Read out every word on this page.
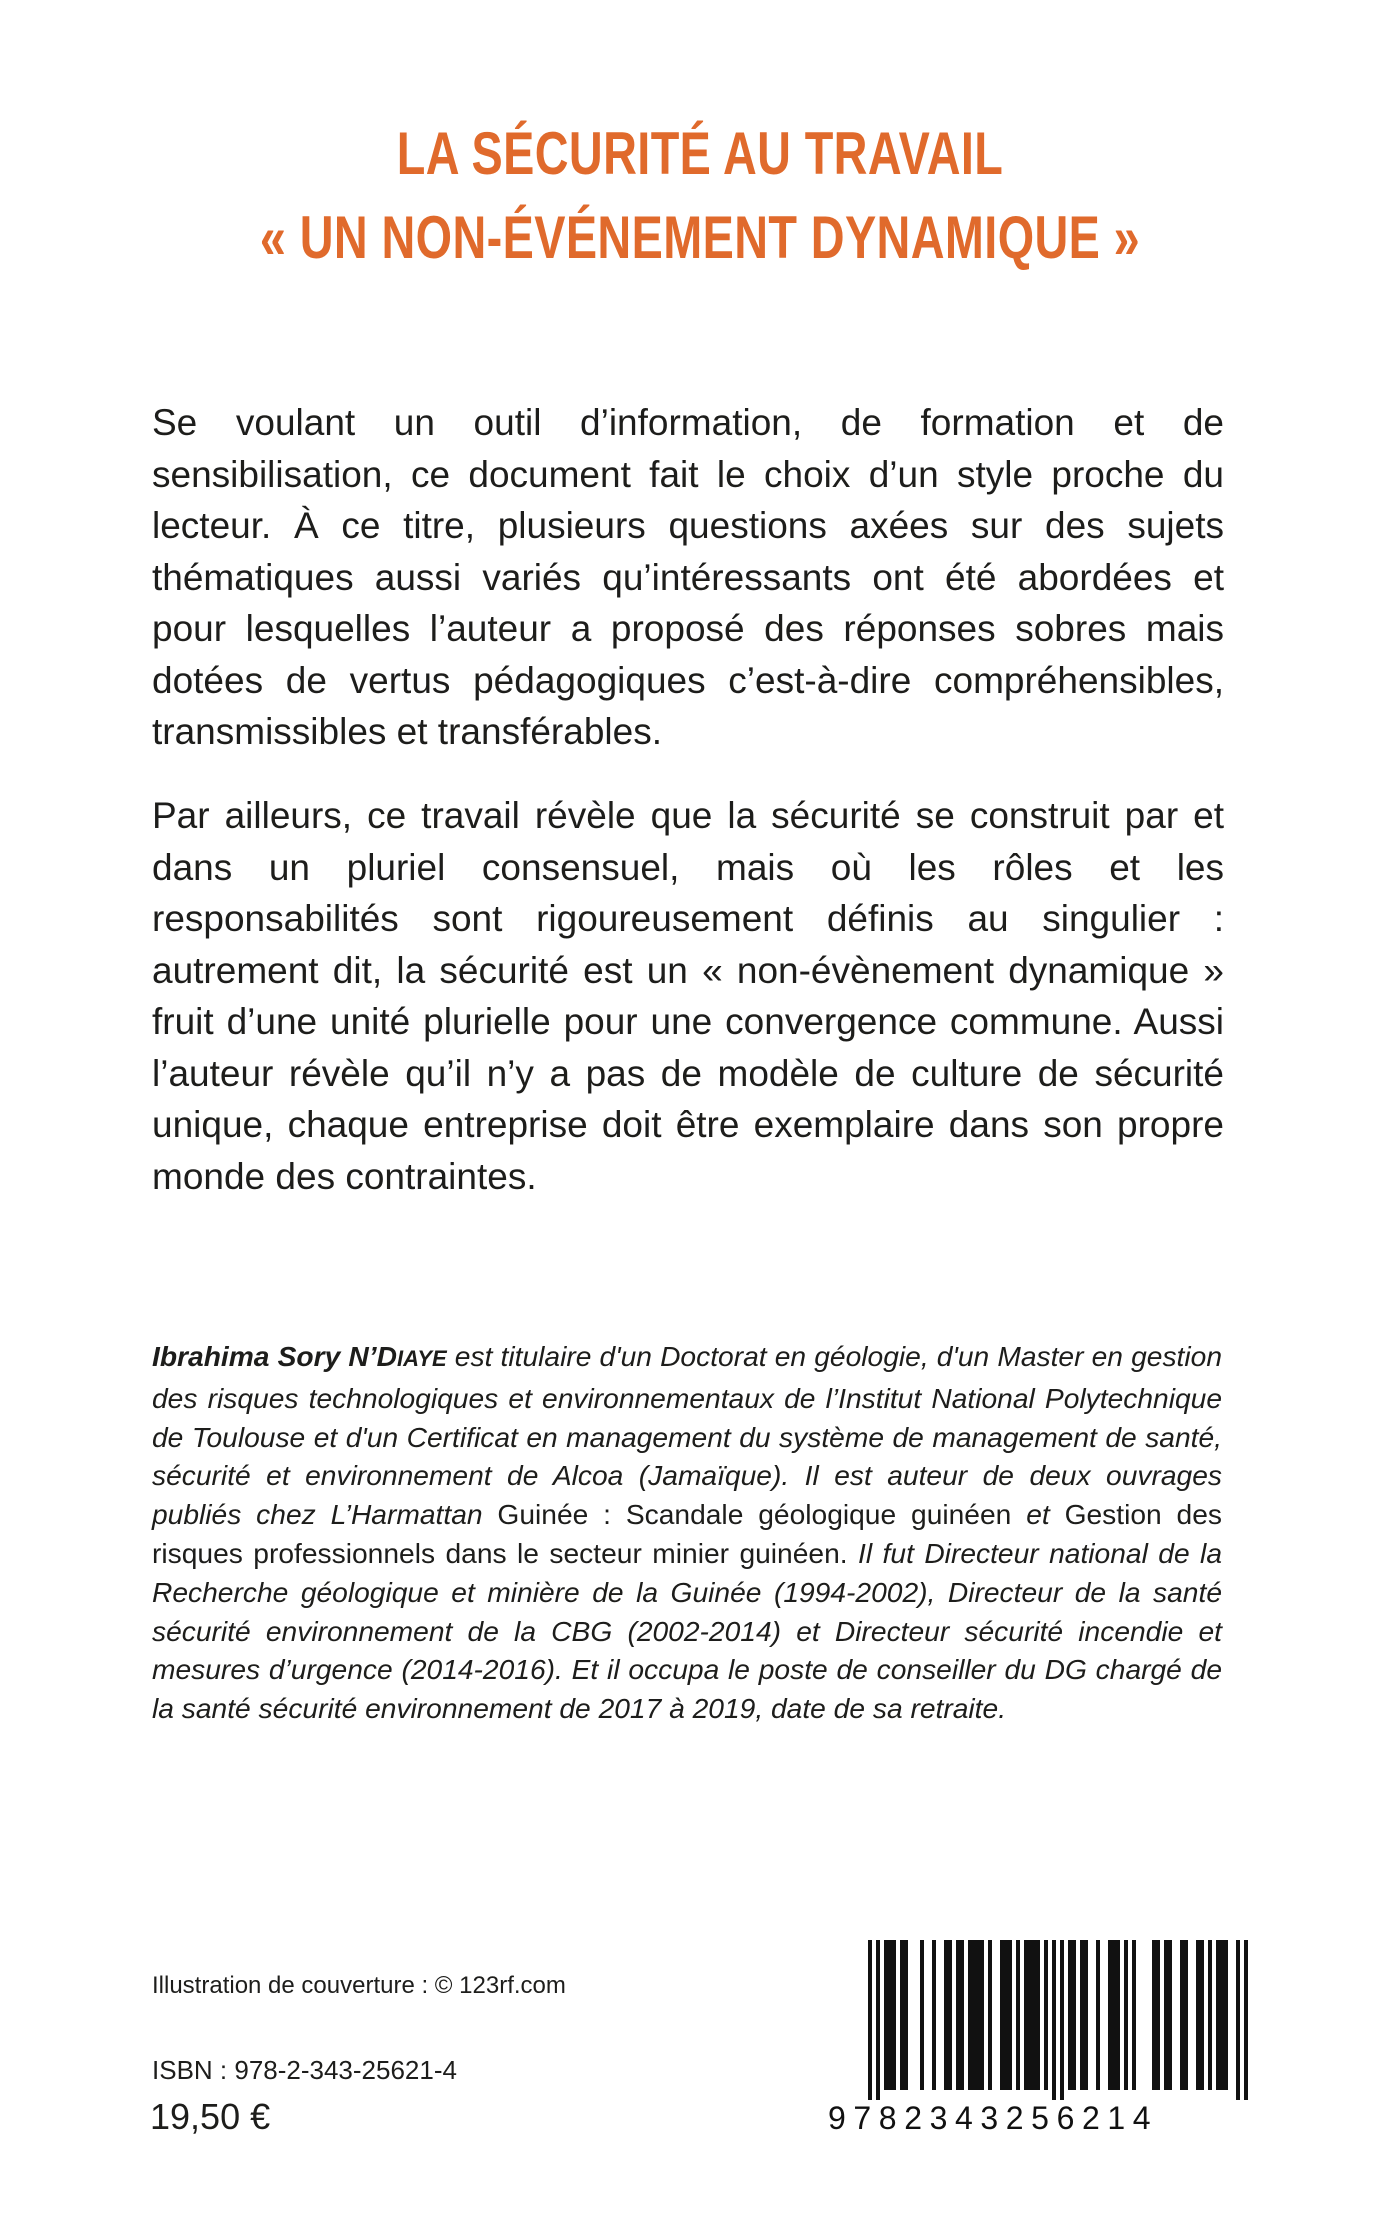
LA SÉCURITÉ AU TRAVAIL
« UN NON-ÉVÉNEMENT DYNAMIQUE »

Se voulant un outil d’information, de formation et de sensibilisation, ce document fait le choix d’un style proche du lecteur. À ce titre, plusieurs questions axées sur des sujets thématiques aussi variés qu’intéressants ont été abordées et pour lesquelles l’auteur a proposé des réponses sobres mais dotées de vertus pédagogiques c’est-à-dire compréhensibles, transmissibles et transférables.

Par ailleurs, ce travail révèle que la sécurité se construit par et dans un pluriel consensuel, mais où les rôles et les responsabilités sont rigoureusement définis au singulier : autrement dit, la sécurité est un « non-évènement dynamique » fruit d’une unité plurielle pour une convergence commune. Aussi l’auteur révèle qu’il n’y a pas de modèle de culture de sécurité unique, chaque entreprise doit être exemplaire dans son propre monde des contraintes.

Ibrahima Sory N’DIAYE est titulaire d'un Doctorat en géologie, d'un Master en gestion des risques technologiques et environnementaux de l’Institut National Polytechnique de Toulouse et d'un Certificat en management du système de management de santé, sécurité et environnement de Alcoa (Jamaïque). Il est auteur de deux ouvrages publiés chez L’Harmattan Guinée : Scandale géologique guinéen et Gestion des risques professionnels dans le secteur minier guinéen. Il fut Directeur national de la Recherche géologique et minière de la Guinée (1994-2002), Directeur de la santé sécurité environnement de la CBG (2002-2014) et Directeur sécurité incendie et mesures d’urgence (2014-2016). Et il occupa le poste de conseiller du DG chargé de la santé sécurité environnement de 2017 à 2019, date de sa retraite.

Illustration de couverture : © 123rf.com
ISBN : 978-2-343-25621-4
19,50 €	9782343256214
